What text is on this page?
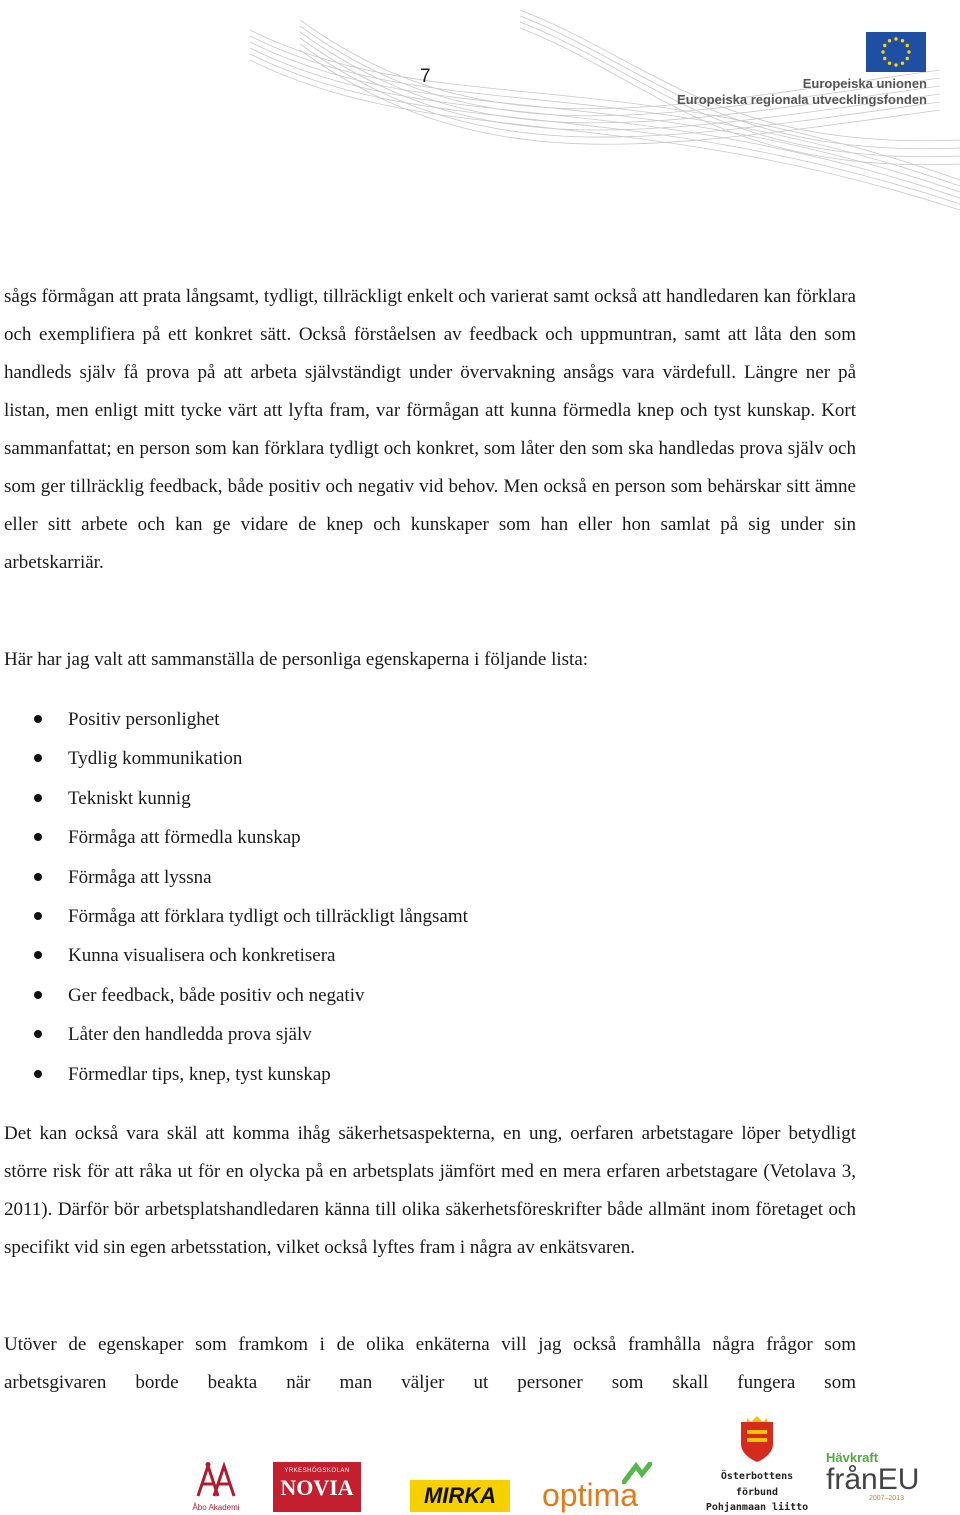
7	Europeiska unionen
Europeiska regionala utvecklingsfonden

sågs förmågan att prata långsamt, tydligt, tillräckligt enkelt och varierat samt också att handledaren kan förklara och exemplifiera på ett konkret sätt. Också förståelsen av feedback och uppmuntran, samt att låta den som handleds själv få prova på att arbeta självständigt under övervakning ansågs vara värdefull. Längre ner på listan, men enligt mitt tycke värt att lyfta fram, var förmågan att kunna förmedla knep och tyst kunskap. Kort sammanfattat; en person som kan förklara tydligt och konkret, som låter den som ska handledas prova själv och som ger tillräcklig feedback, både positiv och negativ vid behov. Men också en person som behärskar sitt ämne eller sitt arbete och kan ge vidare de knep och kunskaper som han eller hon samlat på sig under sin arbetskarriär.

Här har jag valt att sammanställa de personliga egenskaperna i följande lista:

Positiv personlighet
Tydlig kommunikation
Tekniskt kunnig
Förmåga att förmedla kunskap
Förmåga att lyssna
Förmåga att förklara tydligt och tillräckligt långsamt
Kunna visualisera och konkretisera
Ger feedback, både positiv och negativ
Låter den handledda prova själv
Förmedlar tips, knep, tyst kunskap

Det kan också vara skäl att komma ihåg säkerhetsaspekterna, en ung, oerfaren arbetstagare löper betydligt större risk för att råka ut för en olycka på en arbetsplats jämfört med en mera erfaren arbetstagare (Vetolava 3, 2011). Därför bör arbetsplatshandledaren känna till olika säkerhetsföreskrifter både allmänt inom företaget och specifikt vid sin egen arbetsstation, vilket också lyftes fram i några av enkätsvaren.

Utöver de egenskaper som framkom i de olika enkäterna vill jag också framhålla några frågor som arbetsgivaren borde beakta när man väljer ut personer som skall fungera som

Åbo Akademi
YRKESHÖGSKOLAN
NOVIA	MIRKA	optima
Österbottens förbund
Pohjanmaan liitto
Hävkraft
frånEU
2007–2013
